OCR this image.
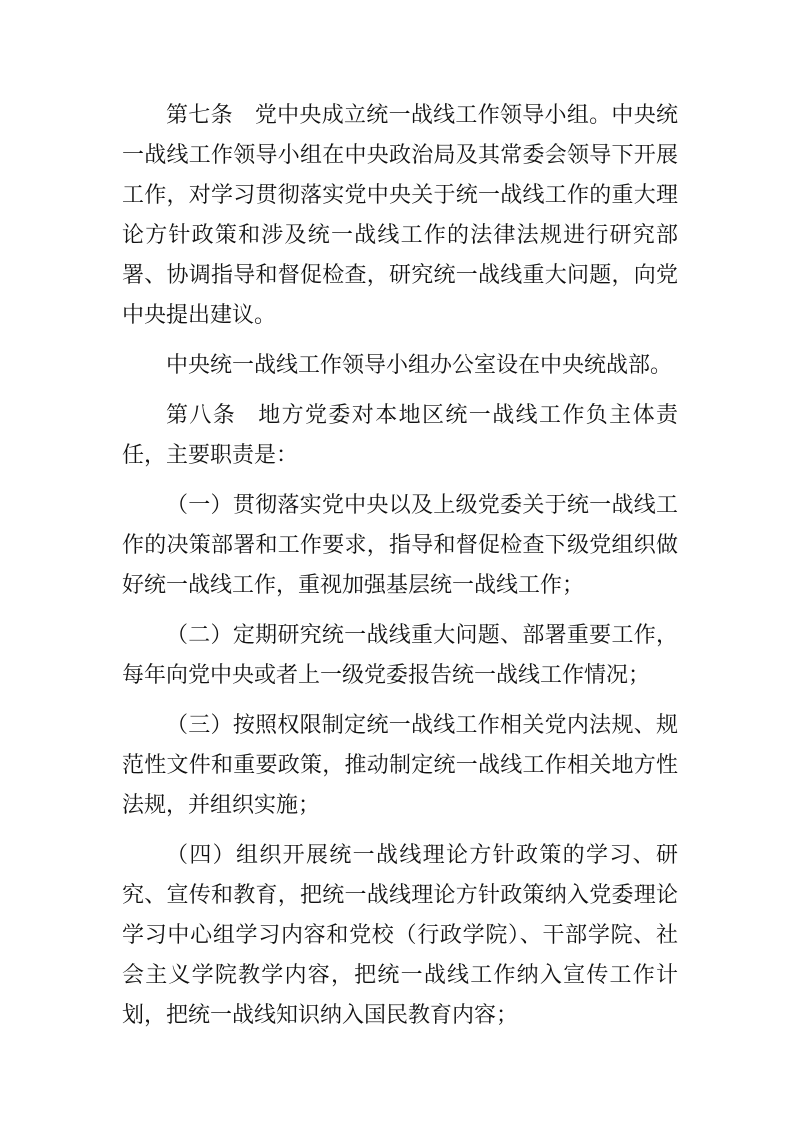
第七条 党中央成立统一战线工作领导小组。中央统一战线工作领导小组在中央政治局及其常委会领导下开展工作，对学习贯彻落实党中央关于统一战线工作的重大理论方针政策和涉及统一战线工作的法律法规进行研究部署、协调指导和督促检查，研究统一战线重大问题，向党中央提出建议。

中央统一战线工作领导小组办公室设在中央统战部。

第八条 地方党委对本地区统一战线工作负主体责任，主要职责是：

（一）贯彻落实党中央以及上级党委关于统一战线工作的决策部署和工作要求，指导和督促检查下级党组织做好统一战线工作，重视加强基层统一战线工作；

（二）定期研究统一战线重大问题、部署重要工作，每年向党中央或者上一级党委报告统一战线工作情况；

（三）按照权限制定统一战线工作相关党内法规、规范性文件和重要政策，推动制定统一战线工作相关地方性法规，并组织实施；

（四）组织开展统一战线理论方针政策的学习、研究、宣传和教育，把统一战线理论方针政策纳入党委理论学习中心组学习内容和党校（行政学院）、干部学院、社会主义学院教学内容，把统一战线工作纳入宣传工作计划，把统一战线知识纳入国民教育内容；
